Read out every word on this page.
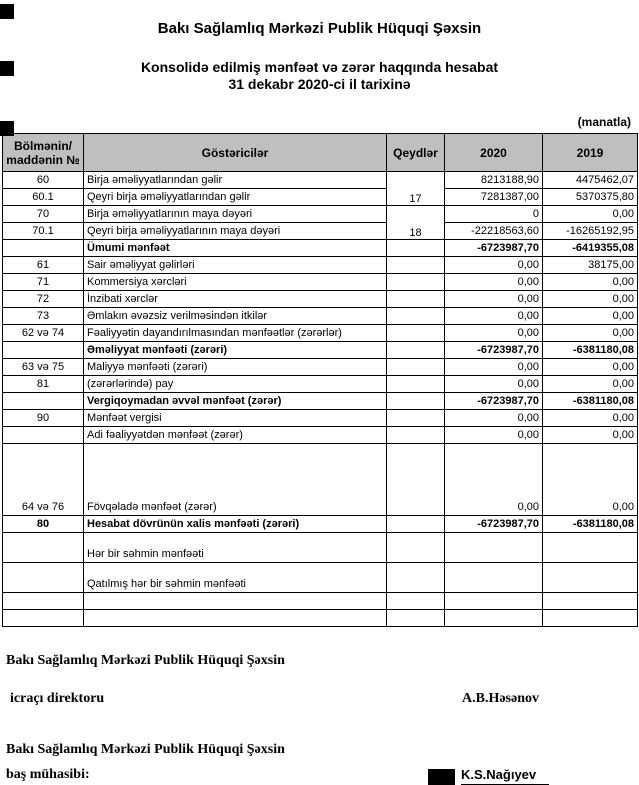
Bakı Sağlamlıq Mərkəzi Publik Hüquqi Şəxsin
Konsolidə edilmiş mənfəət və zərər haqqında hesabat
31 dekabr 2020-ci il tarixinə
(manatla)
Bölmənin/
maddənin №	Göstəricilər	Qeydlər	2020	2019
60	Birja əməliyyatlarından gəlir	17	8213188,90	4475462,07
60.1	Qeyri birja əməliyyatlarından gəlir		7281387,00	5370375,80
70	Birja əməliyyatlarının maya dəyəri	18	0	0,00
70.1	Qeyri birja əməliyyatlarının maya dəyəri		-22218563,60	-16265192,95
	Ümumi mənfəət		-6723987,70	-6419355,08
61	Sair əməliyyat gəlirləri		0,00	38175,00
71	Kommersiya xərcləri		0,00	0,00
72	İnzibati xərclər		0,00	0,00
73	Əmlakın əvəzsiz verilməsindən itkilər		0,00	0,00
62 və 74	Fəaliyyətin dayandırılmasından mənfəətlər (zərərlər)		0,00	0,00
	Əməliyyat mənfəəti (zərəri)		-6723987,70	-6381180,08
63 və 75	Maliyyə mənfəəti (zərəri)		0,00	0,00
81	(zərərlərində) pay		0,00	0,00
	Vergiqoymadan əvvəl mənfəət (zərər)		-6723987,70	-6381180,08
90	Mənfəət vergisi		0,00	0,00
	Adi fəaliyyətdən mənfəət (zərər)		0,00	0,00
64 və 76	Fövqəladə mənfəət (zərər)		0,00	0,00
80	Hesabat dövrünün xalis mənfəəti (zərəri)		-6723987,70	-6381180,08
	Hər bir səhmin mənfəəti			
	Qatılmış hər bir səhmin mənfəəti			

Bakı Sağlamlıq Mərkəzi Publik Hüquqi Şəxsin
icraçı direktoru	A.B.Həsənov
Bakı Sağlamlıq Mərkəzi Publik Hüquqi Şəxsin
baş mühasibi:	K.S.Nağıyev
